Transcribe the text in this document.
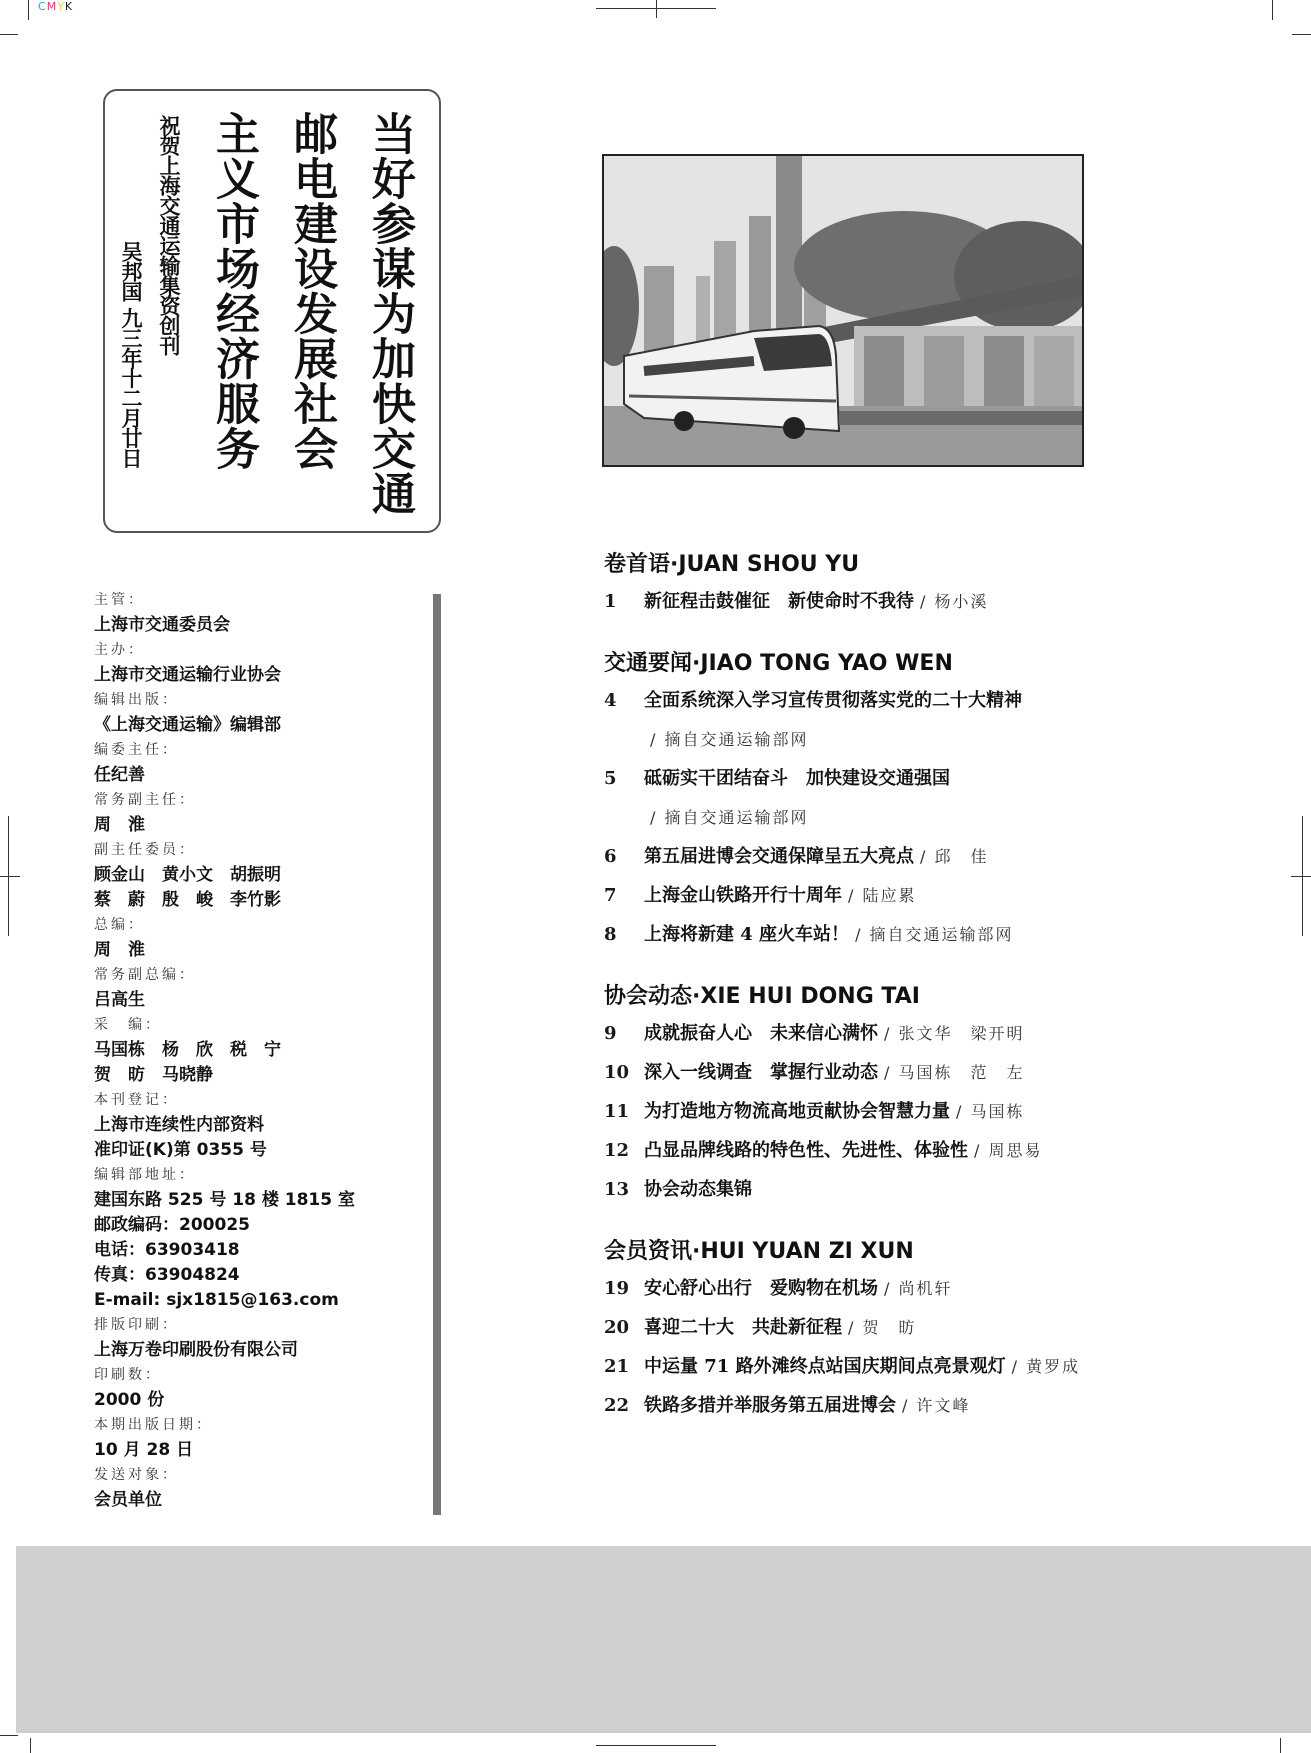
CMYK
当好参谋为加快交通
邮电建设发展社会
主义市场经济服务
祝贺上海交通运输集资创刊
吴邦国 九三年十二月廿日
主管：
上海市交通委员会
主办：
上海市交通运输行业协会
编辑出版：
《上海交通运输》编辑部
编委主任：
任纪善
常务副主任：
周　淮
副主任委员：
顾金山　黄小文　胡振明
蔡　蔚　殷　峻　李竹影
总编：
周　淮
常务副总编：
吕高生
采　编：
马国栋　杨　欣　税　宁
贺　昉　马晓静
本刊登记：
上海市连续性内部资料
准印证(K)第 0355 号
编辑部地址：
建国东路 525 号 18 楼 1815 室
邮政编码：200025
电话：63903418
传真：63904824
E-mail: sjx1815@163.com
排版印刷：
上海万卷印刷股份有限公司
印刷数：
2000 份
本期出版日期：
10 月 28 日
发送对象：
会员单位
卷首语·JUAN SHOU YU
1	新征程击鼓催征　新使命时不我待 / 杨小溪
交通要闻·JIAO TONG YAO WEN
4	全面系统深入学习宣传贯彻落实党的二十大精神
/ 摘自交通运输部网
5	砥砺实干团结奋斗　加快建设交通强国
/ 摘自交通运输部网
6	第五届进博会交通保障呈五大亮点 / 邱　佳
7	上海金山铁路开行十周年 / 陆应累
8	上海将新建 4 座火车站！ / 摘自交通运输部网
协会动态·XIE HUI DONG TAI
9	成就振奋人心　未来信心满怀 / 张文华　梁开明
10 深入一线调查　掌握行业动态 / 马国栋　范　左
11 为打造地方物流高地贡献协会智慧力量 / 马国栋
12 凸显品牌线路的特色性、先进性、体验性 / 周思易
13 协会动态集锦
会员资讯·HUI YUAN ZI XUN
19 安心舒心出行　爱购物在机场 / 尚机轩
20 喜迎二十大　共赴新征程 / 贺　昉
21 中运量 71 路外滩终点站国庆期间点亮景观灯 / 黄罗成
22 铁路多措并举服务第五届进博会 / 许文峰
